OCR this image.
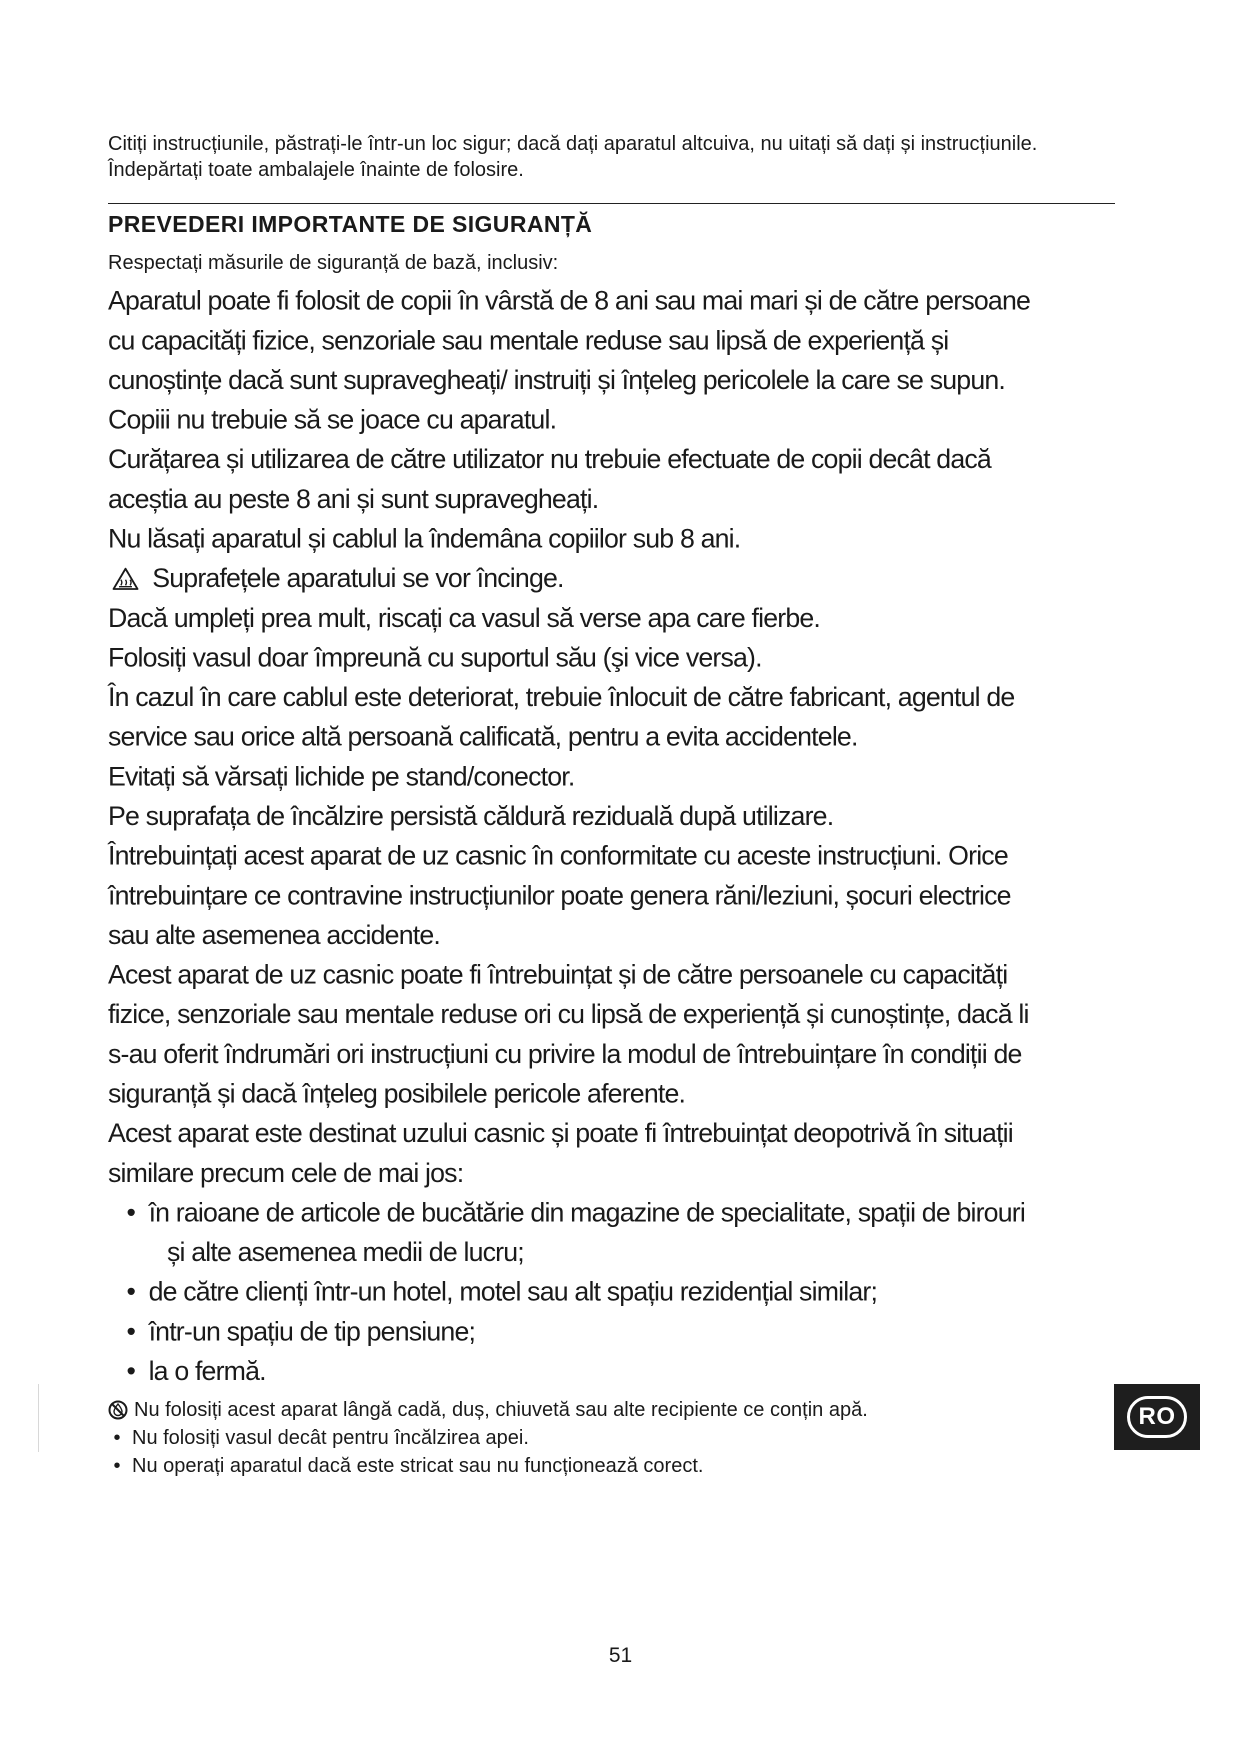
Citiți instrucțiunile, păstrați-le într-un loc sigur; dacă dați aparatul altcuiva, nu uitați să dați și instrucțiunile.

Îndepărtați toate ambalajele înainte de folosire.

PREVEDERI IMPORTANTE DE SIGURANȚĂ

Respectați măsurile de siguranță de bază, inclusiv:

Aparatul poate fi folosit de copii în vârstă de 8 ani sau mai mari și de către persoane cu capacități fizice, senzoriale sau mentale reduse sau lipsă de experiență și cunoștințe dacă sunt supravegheați/ instruiți și înțeleg pericolele la care se supun. Copiii nu trebuie să se joace cu aparatul.

Curățarea și utilizarea de către utilizator nu trebuie efectuate de copii decât dacă aceștia au peste 8 ani și sunt supravegheați.

Nu lăsați aparatul și cablul la îndemâna copiilor sub 8 ani.

Suprafețele aparatului se vor încinge.

Dacă umpleți prea mult, riscați ca vasul să verse apa care fierbe.

Folosiți vasul doar împreună cu suportul său (şi vice versa).

În cazul în care cablul este deteriorat, trebuie înlocuit de către fabricant, agentul de service sau orice altă persoană calificată, pentru a evita accidentele.

Evitați să vărsați lichide pe stand/conector.

Pe suprafața de încălzire persistă căldură reziduală după utilizare.

Întrebuințați acest aparat de uz casnic în conformitate cu aceste instrucțiuni. Orice întrebuințare ce contravine instrucțiunilor poate genera răni/leziuni, șocuri electrice sau alte asemenea accidente.

Acest aparat de uz casnic poate fi întrebuințat și de către persoanele cu capacități fizice, senzoriale sau mentale reduse ori cu lipsă de experiență și cunoștințe, dacă li s-au oferit îndrumări ori instrucțiuni cu privire la modul de întrebuințare în condiții de siguranță și dacă înțeleg posibilele pericole aferente.

Acest aparat este destinat uzului casnic și poate fi întrebuințat deopotrivă în situații similare precum cele de mai jos:

• în raioane de articole de bucătărie din magazine de specialitate, spații de birouri și alte asemenea medii de lucru;

• de către clienți într-un hotel, motel sau alt spațiu rezidențial similar;

• într-un spațiu de tip pensiune;

• la o fermă.

Nu folosiți acest aparat lângă cadă, duș, chiuvetă sau alte recipiente ce conțin apă.

• Nu folosiți vasul decât pentru încălzirea apei.

• Nu operați aparatul dacă este stricat sau nu funcționează corect.

RO
51
